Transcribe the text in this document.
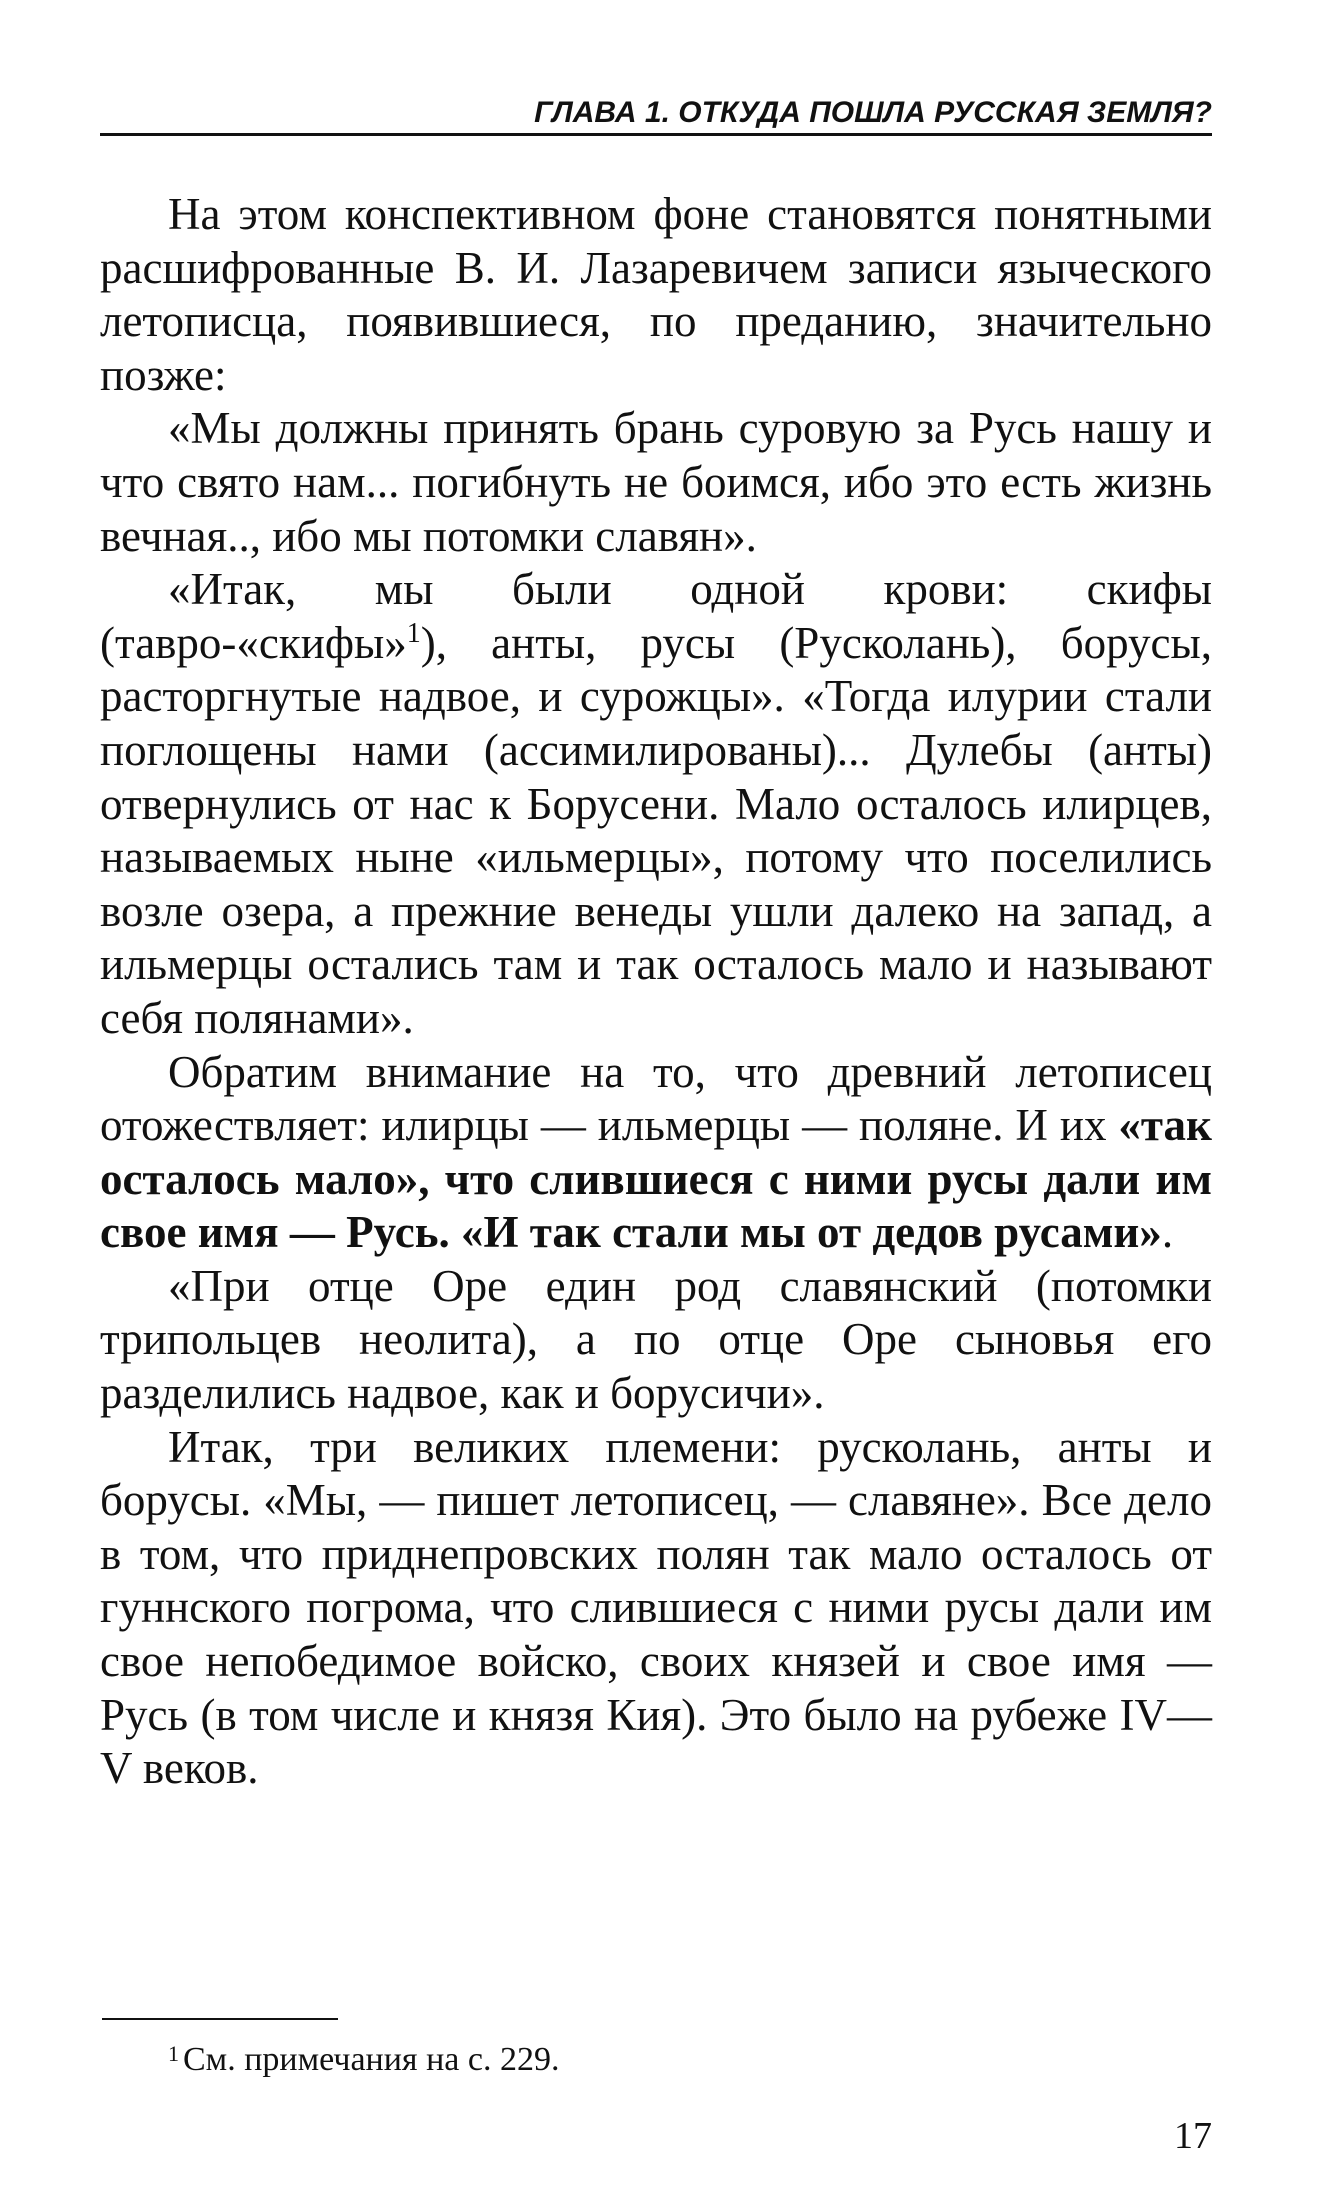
ГЛАВА 1. ОТКУДА ПОШЛА РУССКАЯ ЗЕМЛЯ?

На этом конспективном фоне становятся понятными расшифрованные В. И. Лазаревичем записи языческого летописца, появившиеся, по преданию, значительно позже:

«Мы должны принять брань суровую за Русь нашу и что свято нам... погибнуть не боимся, ибо это есть жизнь вечная.., ибо мы потомки славян».

«Итак, мы были одной крови: скифы (тавро-«скифы»$^1$), анты, русы (Русколань), борусы, расторгнутые надвое, и сурожцы». «Тогда илурии стали поглощены нами (ассимилированы)... Дулебы (анты) отвернулись от нас к Борусени. Мало осталось илирцев, называемых ныне «ильмерцы», потому что поселились возле озера, а прежние венеды ушли далеко на запад, а ильмерцы остались там и так осталось мало и называют себя полянами».

Обратим внимание на то, что древний летописец отожествляет: илирцы — ильмерцы — поляне. И их «так осталось мало», что слившиеся с ними русы дали им свое имя — Русь. «И так стали мы от дедов русами».

«При отце Оре един род славянский (потомки трипольцев неолита), а по отце Оре сыновья его разделились надвое, как и борусичи».

Итак, три великих племени: русколань, анты и борусы. «Мы, — пишет летописец, — славяне». Все дело в том, что приднепровских полян так мало осталось от гуннского погрома, что слившиеся с ними русы дали им свое непобедимое войско, своих князей и свое имя — Русь (в том числе и князя Кия). Это было на рубеже IV—V веков.

$^1$ См. примечания на с. 229.
17
